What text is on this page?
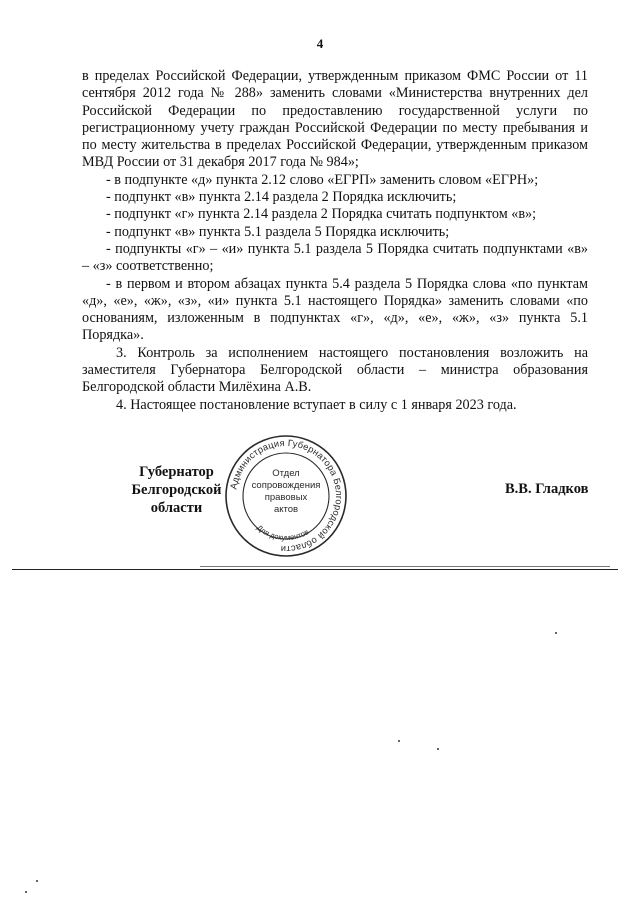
4

в пределах Российской Федерации, утвержденным приказом ФМС России от 11 сентября 2012 года № 288» заменить словами «Министерства внутренних дел Российской Федерации по предоставлению государственной услуги по регистрационному учету граждан Российской Федерации по месту пребывания и по месту жительства в пределах Российской Федерации, утвержденным приказом МВД России от 31 декабря 2017 года № 984»;

- в подпункте «д» пункта 2.12 слово «ЕГРП» заменить словом «ЕГРН»;

- подпункт «в» пункта 2.14 раздела 2 Порядка исключить;

- подпункт «г» пункта 2.14 раздела 2 Порядка считать подпунктом «в»;

- подпункт «в» пункта 5.1 раздела 5 Порядка исключить;

- подпункты «г» – «и» пункта 5.1 раздела 5 Порядка считать подпунктами «в» – «з» соответственно;

- в первом и втором абзацах пункта 5.4 раздела 5 Порядка слова «по пунктам «д», «е», «ж», «з», «и» пункта 5.1 настоящего Порядка» заменить словами «по основаниям, изложенным в подпунктах «г», «д», «е», «ж», «з» пункта 5.1 Порядка».

3. Контроль за исполнением настоящего постановления возложить на заместителя Губернатора Белгородской области – министра образования Белгородской области Милёхина А.В.

4. Настоящее постановление вступает в силу с 1 января 2023 года.

Губернатор
Белгородской области
Администрация Губернатора Белгородской области
Для документов
Отдел
сопровождения
правовых
актов
В.В. Гладков
